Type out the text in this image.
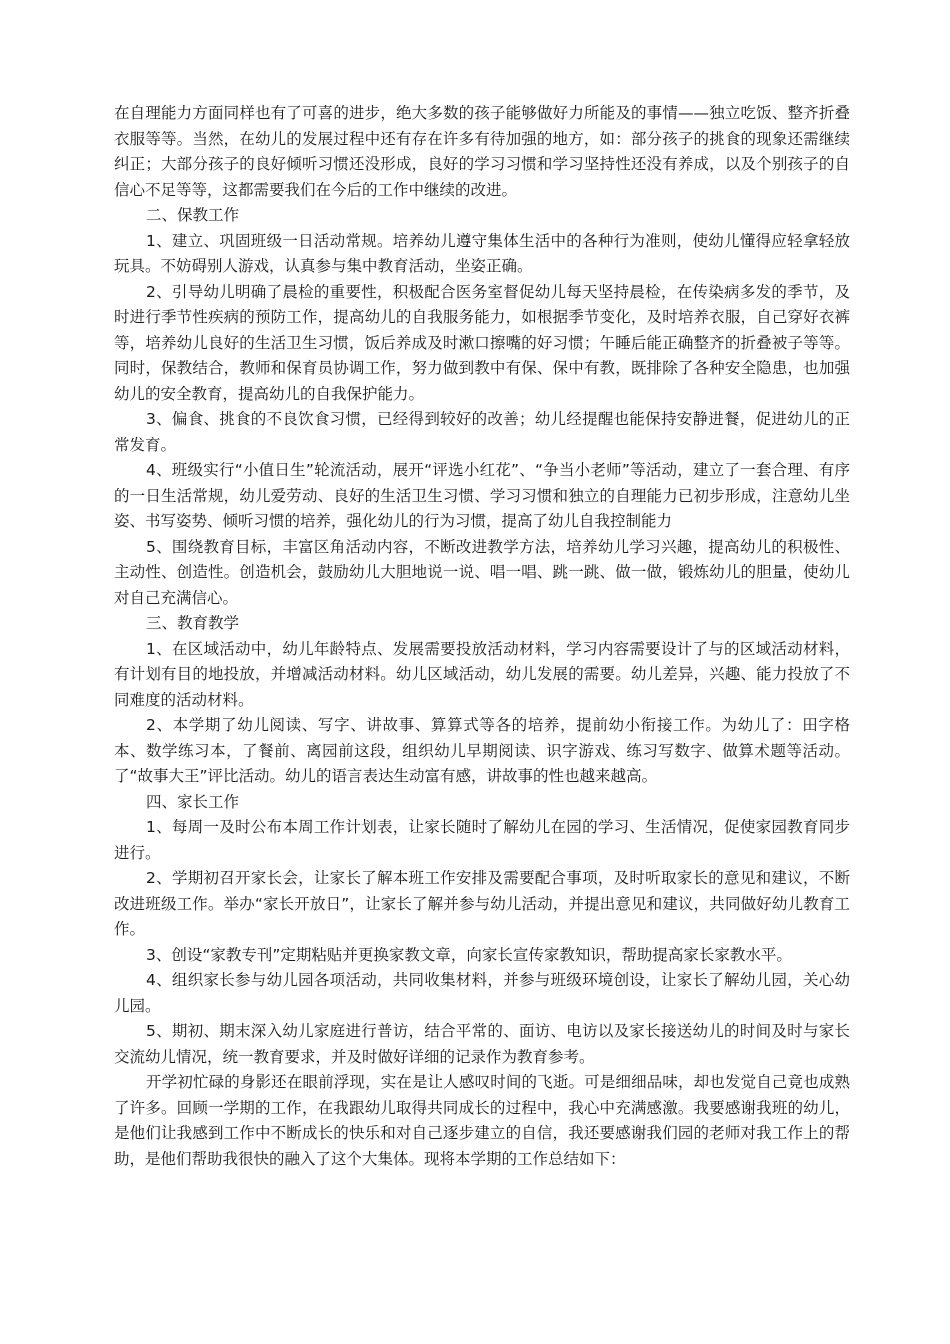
在自理能力方面同样也有了可喜的进步，绝大多数的孩子能够做好力所能及的事情——独立吃饭、整齐折叠衣服等等。当然，在幼儿的发展过程中还有存在许多有待加强的地方，如：部分孩子的挑食的现象还需继续纠正；大部分孩子的良好倾听习惯还没形成，良好的学习习惯和学习坚持性还没有养成，以及个别孩子的自信心不足等等，这都需要我们在今后的工作中继续的改进。

二、保教工作

1、建立、巩固班级一日活动常规。培养幼儿遵守集体生活中的各种行为准则，使幼儿懂得应轻拿轻放玩具。不妨碍别人游戏，认真参与集中教育活动，坐姿正确。

2、引导幼儿明确了晨检的重要性，积极配合医务室督促幼儿每天坚持晨检，在传染病多发的季节，及时进行季节性疾病的预防工作，提高幼儿的自我服务能力，如根据季节变化，及时培养衣服，自己穿好衣裤等，培养幼儿良好的生活卫生习惯，饭后养成及时漱口擦嘴的好习惯；午睡后能正确整齐的折叠被子等等。同时，保教结合，教师和保育员协调工作，努力做到教中有保、保中有教，既排除了各种安全隐患，也加强幼儿的安全教育，提高幼儿的自我保护能力。

3、偏食、挑食的不良饮食习惯，已经得到较好的改善；幼儿经提醒也能保持安静进餐，促进幼儿的正常发育。

4、班级实行“小值日生”轮流活动，展开“评选小红花”、“争当小老师”等活动，建立了一套合理、有序的一日生活常规，幼儿爱劳动、良好的生活卫生习惯、学习习惯和独立的自理能力已初步形成，注意幼儿坐姿、书写姿势、倾听习惯的培养，强化幼儿的行为习惯，提高了幼儿自我控制能力

5、围绕教育目标，丰富区角活动内容，不断改进教学方法，培养幼儿学习兴趣，提高幼儿的积极性、主动性、创造性。创造机会，鼓励幼儿大胆地说一说、唱一唱、跳一跳、做一做，锻炼幼儿的胆量，使幼儿对自己充满信心。

三、教育教学

1、在区域活动中，幼儿年龄特点、发展需要投放活动材料，学习内容需要设计了与的区域活动材料，有计划有目的地投放，并增减活动材料。幼儿区域活动，幼儿发展的需要。幼儿差异，兴趣、能力投放了不同难度的活动材料。

2、本学期了幼儿阅读、写字、讲故事、算算式等各的培养，提前幼小衔接工作。为幼儿了：田字格本、数学练习本，了餐前、离园前这段，组织幼儿早期阅读、识字游戏、练习写数字、做算术题等活动。了“故事大王”评比活动。幼儿的语言表达生动富有感，讲故事的性也越来越高。

四、家长工作

1、每周一及时公布本周工作计划表，让家长随时了解幼儿在园的学习、生活情况，促使家园教育同步进行。

2、学期初召开家长会，让家长了解本班工作安排及需要配合事项，及时听取家长的意见和建议，不断改进班级工作。举办“家长开放日”，让家长了解并参与幼儿活动，并提出意见和建议，共同做好幼儿教育工作。

3、创设“家教专刊”定期粘贴并更换家教文章，向家长宣传家教知识，帮助提高家长家教水平。

4、组织家长参与幼儿园各项活动，共同收集材料，并参与班级环境创设，让家长了解幼儿园，关心幼儿园。

5、期初、期末深入幼儿家庭进行普访，结合平常的、面访、电访以及家长接送幼儿的时间及时与家长交流幼儿情况，统一教育要求，并及时做好详细的记录作为教育参考。

开学初忙碌的身影还在眼前浮现，实在是让人感叹时间的飞逝。可是细细品味，却也发觉自己竟也成熟了许多。回顾一学期的工作，在我跟幼儿取得共同成长的过程中，我心中充满感激。我要感谢我班的幼儿，是他们让我感到工作中不断成长的快乐和对自己逐步建立的自信，我还要感谢我们园的老师对我工作上的帮助，是他们帮助我很快的融入了这个大集体。现将本学期的工作总结如下：
